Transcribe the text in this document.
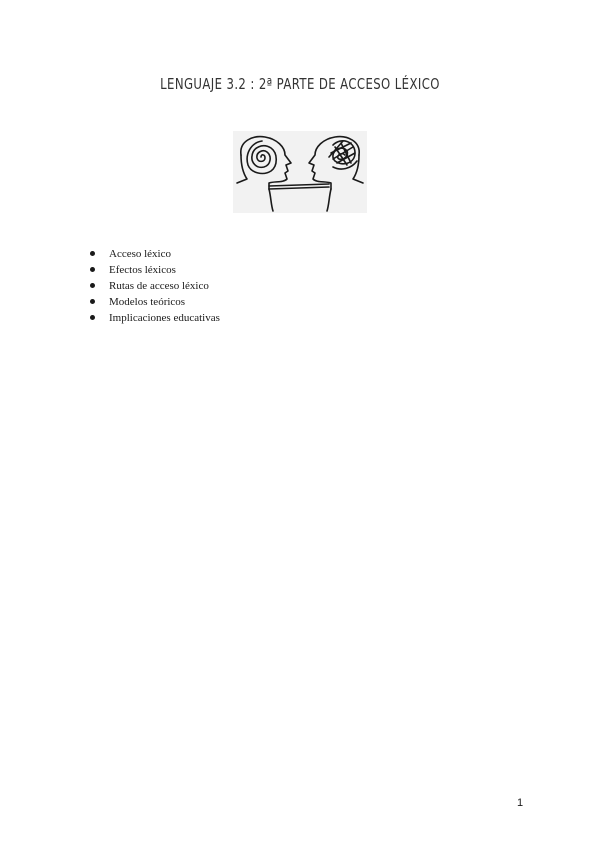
LENGUAJE 3.2 : 2ª PARTE DE ACCESO LÉXICO
Acceso léxico
Efectos léxicos
Rutas de acceso léxico
Modelos teóricos
Implicaciones educativas
1
